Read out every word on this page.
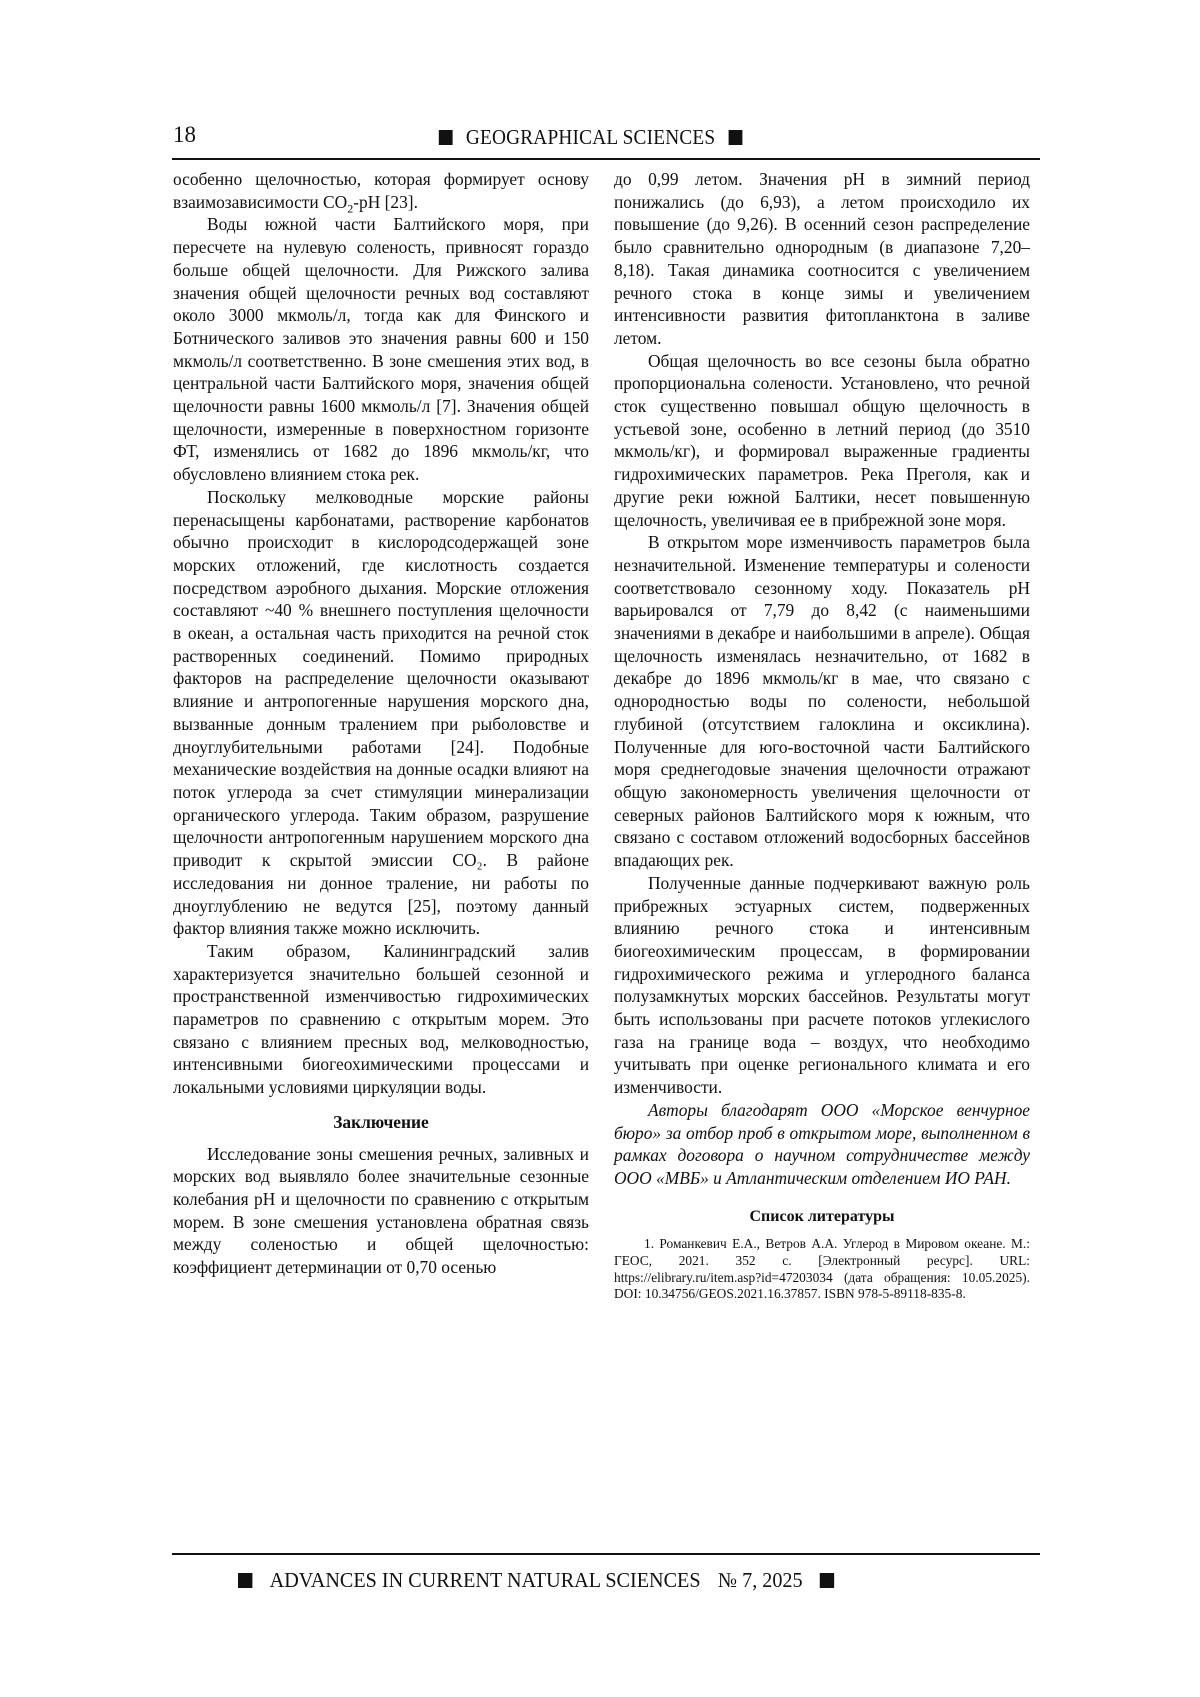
18	GEOGRAPHICAL SCIENCES

особенно щелочностью, которая формирует основу взаимозависимости $CO_2-pH$ [23].

Воды южной части Балтийского моря, при пересчете на нулевую соленость, привносят гораздо больше общей щелочности. Для Рижского залива значения общей щелочности речных вод составляют около 3000 мкмоль/л, тогда как для Финского и Ботнического заливов это значения равны 600 и 150 мкмоль/л соответственно. В зоне смешения этих вод, в центральной части Балтийского моря, значения общей щелочности равны 1600 мкмоль/л [7]. Значения общей щелочности, измеренные в поверхностном горизонте ФТ, изменялись от 1682 до 1896 мкмоль/кг, что обусловлено влиянием стока рек.

Поскольку мелководные морские районы перенасыщены карбонатами, растворение карбонатов обычно происходит в кислородсодержащей зоне морских отложений, где кислотность создается посредством аэробного дыхания. Морские отложения составляют ~40 % внешнего поступления щелочности в океан, а остальная часть приходится на речной сток растворенных соединений. Помимо природных факторов на распределение щелочности оказывают влияние и антропогенные нарушения морского дна, вызванные донным тралением при рыболовстве и дноуглубительными работами [24]. Подобные механические воздействия на донные осадки влияют на поток углерода за счет стимуляции минерализации органического углерода. Таким образом, разрушение щелочности антропогенным нарушением морского дна приводит к скрытой эмиссии CO₂. В районе исследования ни донное траление, ни работы по дноуглублению не ведутся [25], поэтому данный фактор влияния также можно исключить.

Таким образом, Калининградский залив характеризуется значительно большей сезонной и пространственной изменчивостью гидрохимических параметров по сравнению с открытым морем. Это связано с влиянием пресных вод, мелководностью, интенсивными биогеохимическими процессами и локальными условиями циркуляции воды.

Заключение

Исследование зоны смешения речных, заливных и морских вод выявляло более значительные сезонные колебания pH и щелочности по сравнению с открытым морем. В зоне смешения установлена обратная связь между соленостью и общей щелочностью: коэффициент детерминации от 0,70 осенью

до 0,99 летом. Значения pH в зимний период понижались (до 6,93), а летом происходило их повышение (до 9,26). В осенний сезон распределение было сравнительно однородным (в диапазоне 7,20–8,18). Такая динамика соотносится с увеличением речного стока в конце зимы и увеличением интенсивности развития фитопланктона в заливе летом.

Общая щелочность во все сезоны была обратно пропорциональна солености. Установлено, что речной сток существенно повышал общую щелочность в устьевой зоне, особенно в летний период (до 3510 мкмоль/кг), и формировал выраженные градиенты гидрохимических параметров. Река Преголя, как и другие реки южной Балтики, несет повышенную щелочность, увеличивая ее в прибрежной зоне моря.

В открытом море изменчивость параметров была незначительной. Изменение температуры и солености соответствовало сезонному ходу. Показатель pH варьировался от 7,79 до 8,42 (с наименьшими значениями в декабре и наибольшими в апреле). Общая щелочность изменялась незначительно, от 1682 в декабре до 1896 мкмоль/кг в мае, что связано с однородностью воды по солености, небольшой глубиной (отсутствием галоклина и оксиклина). Полученные для юго-восточной части Балтийского моря среднегодовые значения щелочности отражают общую закономерность увеличения щелочности от северных районов Балтийского моря к южным, что связано с составом отложений водосборных бассейнов впадающих рек.

Полученные данные подчеркивают важную роль прибрежных эстуарных систем, подверженных влиянию речного стока и интенсивным биогеохимическим процессам, в формировании гидрохимического режима и углеродного баланса полузамкнутых морских бассейнов. Результаты могут быть использованы при расчете потоков углекислого газа на границе вода – воздух, что необходимо учитывать при оценке регионального климата и его изменчивости.

Авторы благодарят ООО «Морское венчурное бюро» за отбор проб в открытом море, выполненном в рамках договора о научном сотрудничестве между ООО «МВБ» и Атлантическим отделением ИО РАН.

Список литературы

1. Романкевич Е.А., Ветров А.А. Углерод в Мировом океане. М.: ГЕОС, 2021. 352 с. [Электронный ресурс]. URL: https://elibrary.ru/item.asp?id=47203034 (дата обращения: 10.05.2025). DOI: 10.34756/GEOS.2021.16.37857. ISBN 978-5-89118-835-8.

ADVANCES IN CURRENT NATURAL SCIENCES № 7, 2025
